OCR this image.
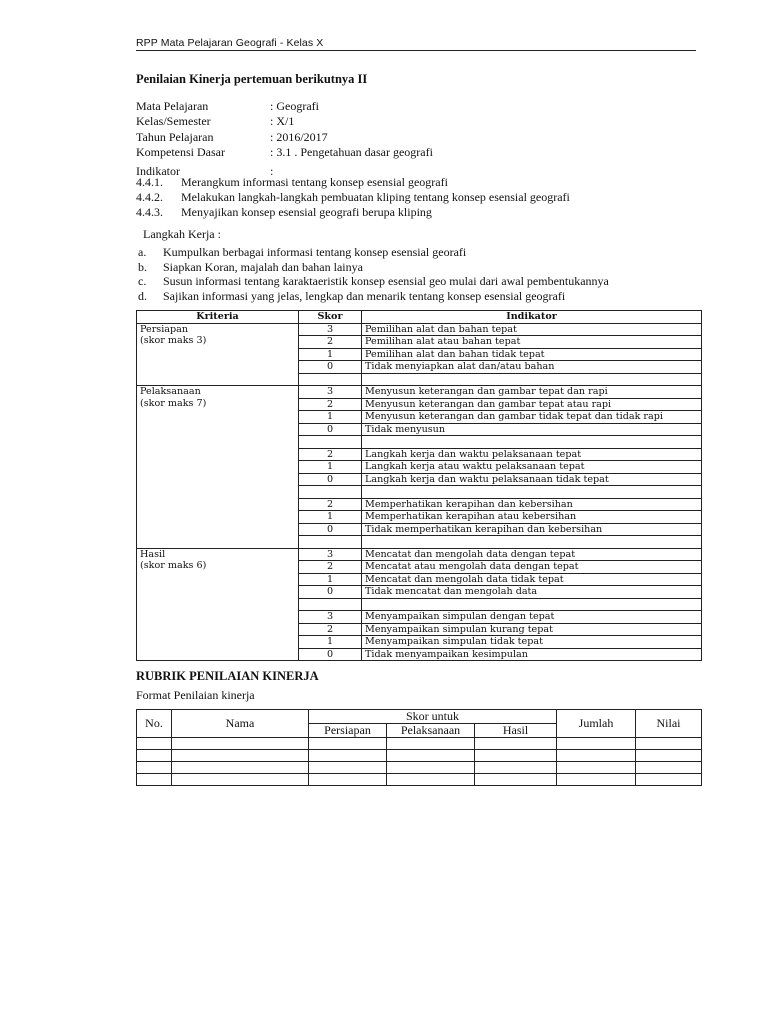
RPP Mata Pelajaran Geografi - Kelas X
Penilaian Kinerja pertemuan berikutnya II
Mata Pelajaran	: Geografi
Kelas/Semester	: X/1
Tahun Pelajaran	: 2016/2017
Kompetensi Dasar	: 3.1 . Pengetahuan dasar geografi
Indikator	:
4.4.1.	Merangkum informasi tentang konsep esensial geografi
4.4.2.	Melakukan langkah-langkah pembuatan kliping tentang konsep esensial geografi
4.4.3.	Menyajikan konsep esensial geografi berupa kliping
Langkah Kerja :
a.	Kumpulkan berbagai informasi tentang konsep esensial georafi
b.	Siapkan Koran, majalah dan bahan lainya
c.	Susun informasi tentang karaktaeristik konsep esensial geo mulai dari awal pembentukannya
d.	Sajikan informasi yang jelas, lengkap dan menarik tentang konsep esensial geografi
Kriteria	Skor	Indikator

Persiapan
(skor maks 3)	3	Pemilihan alat dan bahan tepat
	2	Pemilihan alat atau bahan tepat
	1	Pemilihan alat dan bahan tidak tepat
	0	Tidak menyiapkan alat dan/atau bahan

Pelaksanaan
(skor maks 7)	3	Menyusun keterangan dan gambar tepat dan rapi
	2	Menyusun keterangan dan gambar tepat atau rapi
	1	Menyusun keterangan dan gambar tidak tepat dan tidak rapi
	0	Tidak menyusun

	2	Langkah kerja dan waktu pelaksanaan tepat
	1	Langkah kerja atau waktu pelaksanaan tepat
	0	Langkah kerja dan waktu pelaksanaan tidak tepat

	2	Memperhatikan kerapihan dan kebersihan
	1	Memperhatikan kerapihan atau kebersihan
	0	Tidak memperhatikan kerapihan dan kebersihan

Hasil
(skor maks 6)	3	Mencatat dan mengolah data dengan tepat
	2	Mencatat atau mengolah data dengan tepat
	1	Mencatat dan mengolah data tidak tepat
	0	Tidak mencatat dan mengolah data

	3	Menyampaikan simpulan dengan tepat
	2	Menyampaikan simpulan kurang tepat
	1	Menyampaikan simpulan tidak tepat
	0	Tidak menyampaikan kesimpulan
RUBRIK PENILAIAN KINERJA
Format Penilaian kinerja
No.	Nama	Skor untuk			Jumlah	Nilai
		Persiapan	Pelaksanaan	Hasil		
